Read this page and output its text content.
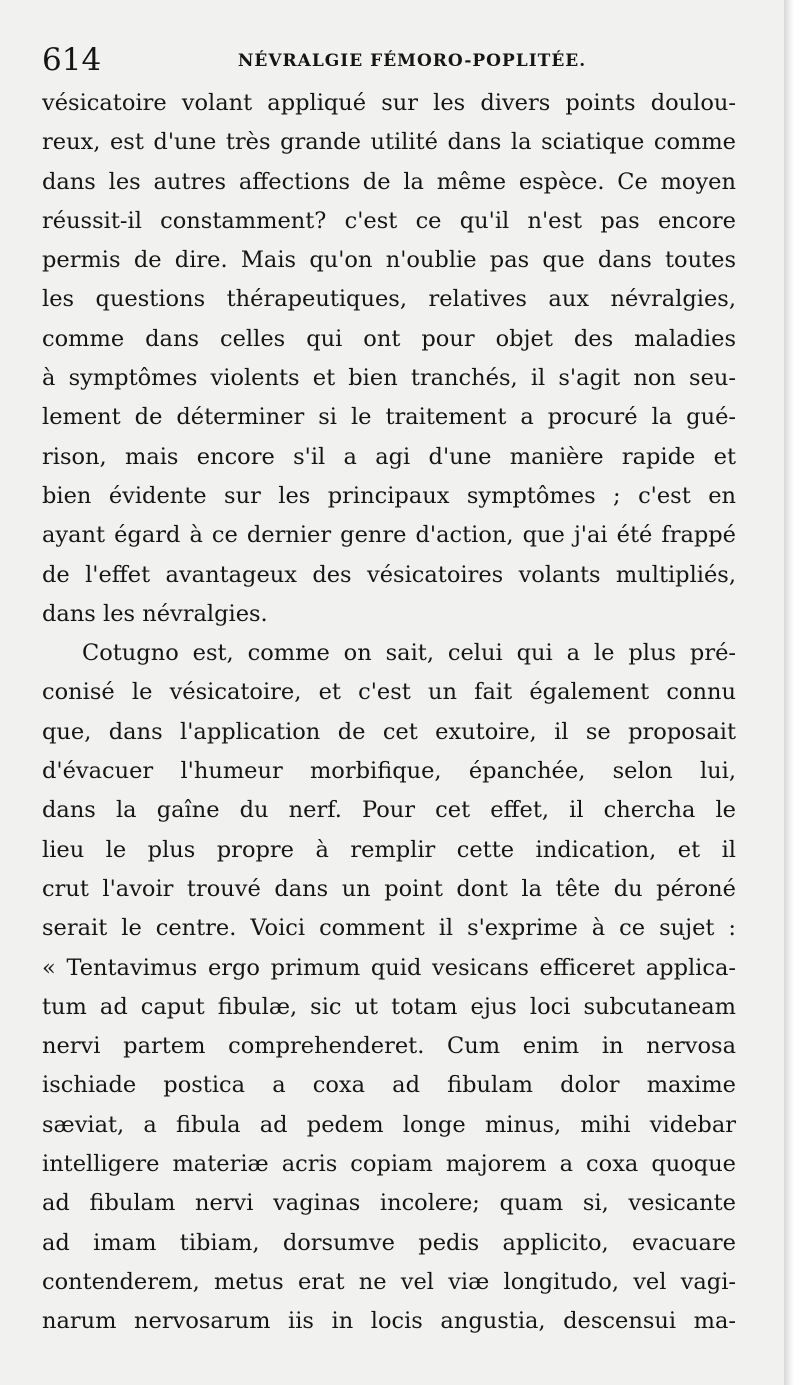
614	NÉVRALGIE FÉMORO-POPLITÉE.
vésicatoire volant appliqué sur les divers points doulou-
reux, est d'une très grande utilité dans la sciatique comme
dans les autres affections de la même espèce. Ce moyen
réussit-il constamment? c'est ce qu'il n'est pas encore
permis de dire. Mais qu'on n'oublie pas que dans toutes
les questions thérapeutiques, relatives aux névralgies,
comme dans celles qui ont pour objet des maladies
à symptômes violents et bien tranchés, il s'agit non seu-
lement de déterminer si le traitement a procuré la gué-
rison, mais encore s'il a agi d'une manière rapide et
bien évidente sur les principaux symptômes ; c'est en
ayant égard à ce dernier genre d'action, que j'ai été frappé
de l'effet avantageux des vésicatoires volants multipliés,
dans les névralgies.
Cotugno est, comme on sait, celui qui a le plus pré-
conisé le vésicatoire, et c'est un fait également connu
que, dans l'application de cet exutoire, il se proposait
d'évacuer l'humeur morbifique, épanchée, selon lui,
dans la gaîne du nerf. Pour cet effet, il chercha le
lieu le plus propre à remplir cette indication, et il
crut l'avoir trouvé dans un point dont la tête du péroné
serait le centre. Voici comment il s'exprime à ce sujet :
« Tentavimus ergo primum quid vesicans efficeret applica-
tum ad caput fibulæ, sic ut totam ejus loci subcutaneam
nervi partem comprehenderet. Cum enim in nervosa
ischiade postica a coxa ad fibulam dolor maxime
sæviat, a fibula ad pedem longe minus, mihi videbar
intelligere materiæ acris copiam majorem a coxa quoque
ad fibulam nervi vaginas incolere; quam si, vesicante
ad imam tibiam, dorsumve pedis applicito, evacuare
contenderem, metus erat ne vel viæ longitudo, vel vagi-
narum nervosarum iis in locis angustia, descensui ma-
